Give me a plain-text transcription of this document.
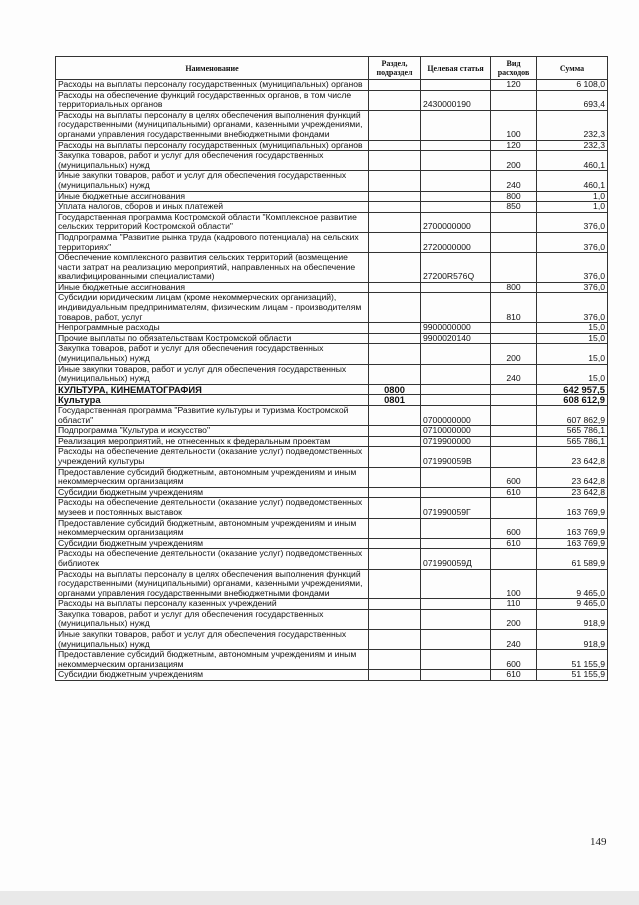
Наименование	Раздел, подраздел	Целевая статья	Вид расходов	Сумма
Расходы на выплаты персоналу государственных (муниципальных) органов			120	6 108,0
Расходы на обеспечение функций государственных органов, в том числе территориальных органов		2430000190		693,4
Расходы на выплаты персоналу в целях обеспечения выполнения функций государственными (муниципальными) органами, казенными учреждениями, органами управления государственными внебюджетными фондами			100	232,3
Расходы на выплаты персоналу государственных (муниципальных) органов			120	232,3
Закупка товаров, работ и услуг для обеспечения государственных (муниципальных) нужд			200	460,1
Иные закупки товаров, работ и услуг для обеспечения государственных (муниципальных) нужд			240	460,1
Иные бюджетные ассигнования			800	1,0
Уплата налогов, сборов и иных платежей			850	1,0
Государственная программа Костромской области "Комплексное развитие сельских территорий Костромской области"		2700000000		376,0
Подпрограмма "Развитие рынка труда (кадрового потенциала) на сельских территориях"		2720000000		376,0
Обеспечение комплексного развития сельских территорий (возмещение части затрат на реализацию мероприятий, направленных на обеспечение квалифицированными специалистами)		27200R576Q		376,0
Иные бюджетные ассигнования			800	376,0
Субсидии юридическим лицам (кроме некоммерческих организаций), индивидуальным предпринимателям, физическим лицам - производителям товаров, работ, услуг			810	376,0
Непрограммные расходы		9900000000		15,0
Прочие выплаты по обязательствам Костромской области		9900020140		15,0
Закупка товаров, работ и услуг для обеспечения государственных (муниципальных) нужд			200	15,0
Иные закупки товаров, работ и услуг для обеспечения государственных (муниципальных) нужд			240	15,0
КУЛЬТУРА, КИНЕМАТОГРАФИЯ	0800			642 957,5
Культура	0801			608 612,9
Государственная программа "Развитие культуры и туризма Костромской области"		0700000000		607 862,9
Подпрограмма "Культура и искусство"		0710000000		565 786,1
Реализация мероприятий, не отнесенных к федеральным проектам		0719900000		565 786,1
Расходы на обеспечение деятельности (оказание услуг) подведомственных учреждений культуры		071990059В		23 642,8
Предоставление субсидий бюджетным, автономным учреждениям и иным некоммерческим организациям			600	23 642,8
Субсидии бюджетным учреждениям			610	23 642,8
Расходы на обеспечение деятельности (оказание услуг) подведомственных музеев и постоянных выставок		071990059Г		163 769,9
Предоставление субсидий бюджетным, автономным учреждениям и иным некоммерческим организациям			600	163 769,9
Субсидии бюджетным учреждениям			610	163 769,9
Расходы на обеспечение деятельности (оказание услуг) подведомственных библиотек		071990059Д		61 589,9
Расходы на выплаты персоналу в целях обеспечения выполнения функций государственными (муниципальными) органами, казенными учреждениями, органами управления государственными внебюджетными фондами			100	9 465,0
Расходы на выплаты персоналу казенных учреждений			110	9 465,0
Закупка товаров, работ и услуг для обеспечения государственных (муниципальных) нужд			200	918,9
Иные закупки товаров, работ и услуг для обеспечения государственных (муниципальных) нужд			240	918,9
Предоставление субсидий бюджетным, автономным учреждениям и иным некоммерческим организациям			600	51 155,9
Субсидии бюджетным учреждениям			610	51 155,9
149
